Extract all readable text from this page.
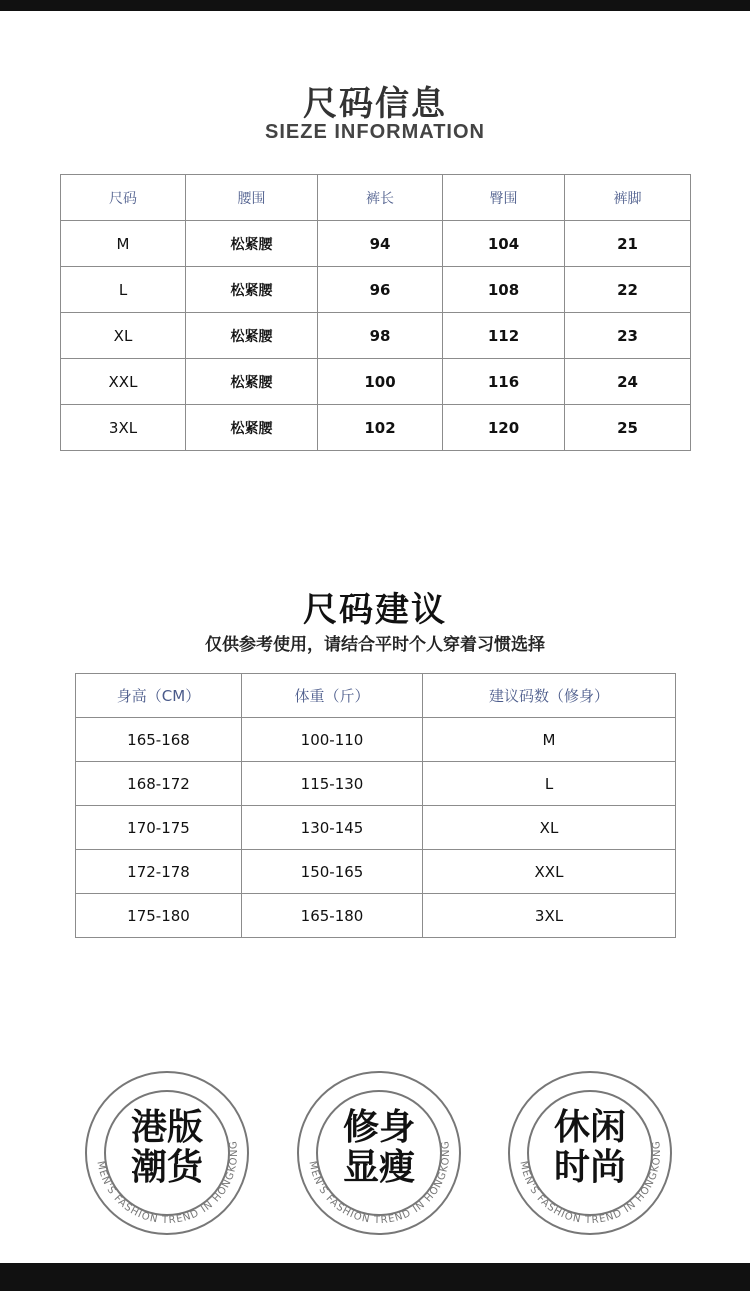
尺码信息
SIEZE INFORMATION
尺码	腰围	裤长	臀围	裤脚
M	松紧腰	94	104	21
L	松紧腰	96	108	22
XL	松紧腰	98	112	23
XXL	松紧腰	100	116	24
3XL	松紧腰	102	120	25
尺码建议
仅供参考使用，请结合平时个人穿着习惯选择
身高（CM）	体重（斤）	建议码数（修身）
165-168	100-110	M
168-172	115-130	L
170-175	130-145	XL
172-178	150-165	XXL
175-180	165-180	3XL
MEN'S FASHION TREND IN HONGKONG
港版
潮货	MEN'S FASHION TREND IN HONGKONG
修身
显瘦	MEN'S FASHION TREND IN HONGKONG
休闲
时尚
